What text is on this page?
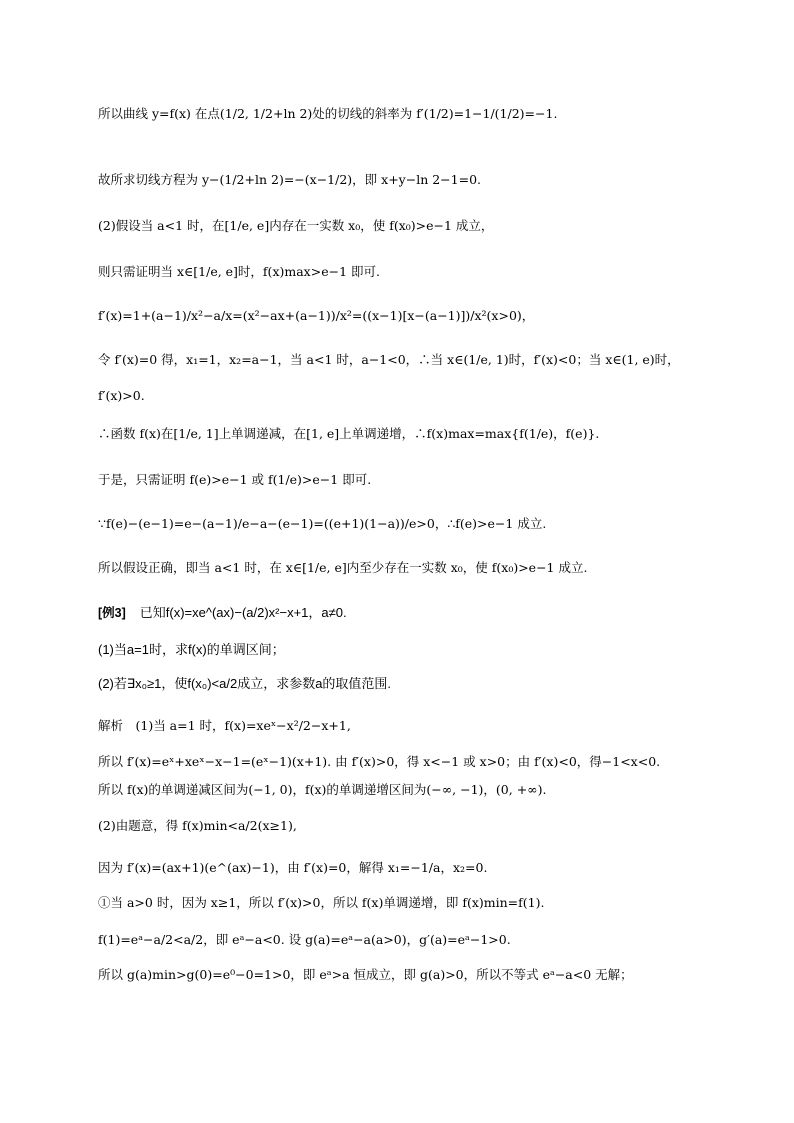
所以曲线 y=f(x) 在点(1/2, 1/2+ln 2)处的切线的斜率为 f′(1/2)=1−1/(1/2)=−1.
故所求切线方程为 y−(1/2+ln 2)=−(x−1/2)，即 x+y−ln 2−1=0.
(2)假设当 a<1 时，在[1/e, e]内存在一实数 x₀，使 f(x₀)>e−1 成立，
则只需证明当 x∈[1/e, e]时，f(x)max>e−1 即可.
f′(x)=1+(a−1)/x²−a/x=(x²−ax+(a−1))/x²=((x−1)[x−(a−1)])/x²(x>0)，
令 f′(x)=0 得，x₁=1，x₂=a−1，当 a<1 时，a−1<0，∴当 x∈(1/e, 1)时，f′(x)<0；当 x∈(1, e)时，
f′(x)>0.
∴函数 f(x)在[1/e, 1]上单调递减，在[1, e]上单调递增，∴f(x)max=max{f(1/e)，f(e)}.
于是，只需证明 f(e)>e−1 或 f(1/e)>e−1 即可.
∵f(e)−(e−1)=e−(a−1)/e−a−(e−1)=((e+1)(1−a))/e>0，∴f(e)>e−1 成立.
所以假设正确，即当 a<1 时，在 x∈[1/e, e]内至少存在一实数 x₀，使 f(x₀)>e−1 成立.
[例3] 已知f(x)=xe^(ax)−(a/2)x²−x+1，a≠0.
(1)当a=1时，求f(x)的单调区间；
(2)若∃x₀≥1，使f(x₀)<a/2成立，求参数a的取值范围.
解析　(1)当 a=1 时，f(x)=xeˣ−x²/2−x+1,
所以 f′(x)=eˣ+xeˣ−x−1=(eˣ−1)(x+1). 由 f′(x)>0，得 x<−1 或 x>0；由 f′(x)<0，得−1<x<0.
所以 f(x)的单调递减区间为(−1, 0)，f(x)的单调递增区间为(−∞, −1)，(0, +∞).
(2)由题意，得 f(x)min<a/2(x≥1),
因为 f′(x)=(ax+1)(e^(ax)−1)，由 f′(x)=0，解得 x₁=−1/a，x₂=0.
①当 a>0 时，因为 x≥1，所以 f′(x)>0，所以 f(x)单调递增，即 f(x)min=f(1).
f(1)=eᵃ−a/2<a/2，即 eᵃ−a<0. 设 g(a)=eᵃ−a(a>0)，g′(a)=eᵃ−1>0.
所以 g(a)min>g(0)=e⁰−0=1>0，即 eᵃ>a 恒成立，即 g(a)>0，所以不等式 eᵃ−a<0 无解；
